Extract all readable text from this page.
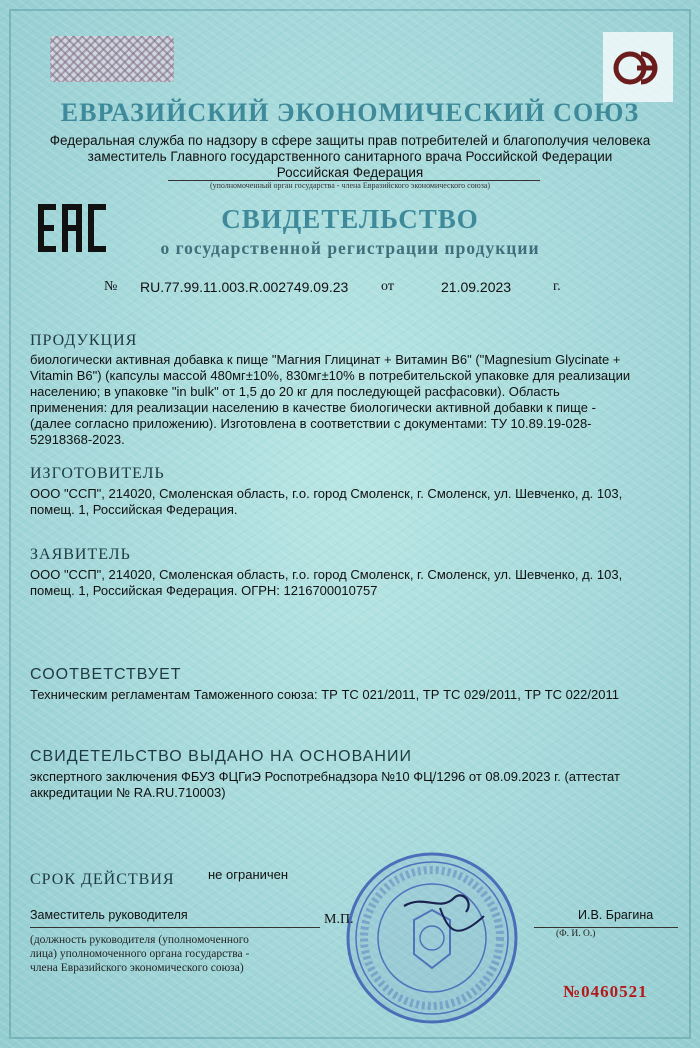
ЕВРАЗИЙСКИЙ ЭКОНОМИЧЕСКИЙ СОЮЗ
Федеральная служба по надзору в сфере защиты прав потребителей и благополучия человека
заместитель Главного государственного санитарного врача Российской Федерации
Российская Федерация
(уполномоченный орган государства - члена Евразийского экономического союза)
СВИДЕТЕЛЬСТВО
о государственной регистрации продукции
№ RU.77.99.11.003.R.002749.09.23 от	21.09.2023	г.
ПРОДУКЦИЯ
биологически активная добавка к пище "Магния Глицинат + Витамин В6" ("Magnesium Glycinate +
Vitamin B6") (капсулы массой 480мг±10%, 830мг±10% в потребительской упаковке для реализации
населению; в упаковке "in bulk" от 1,5 до 20 кг для последующей расфасовки). Область
применения: для реализации населению в качестве биологически активной добавки к пище -
(далее согласно приложению). Изготовлена в соответствии с документами: ТУ 10.89.19-028-
52918368-2023.
ИЗГОТОВИТЕЛЬ
ООО "ССП", 214020, Смоленская область, г.о. город Смоленск, г. Смоленск, ул. Шевченко, д. 103,
помещ. 1, Российская Федерация.
ЗАЯВИТЕЛЬ
ООО "ССП", 214020, Смоленская область, г.о. город Смоленск, г. Смоленск, ул. Шевченко, д. 103,
помещ. 1, Российская Федерация. ОГРН: 1216700010757
СООТВЕТСТВУЕТ
Техническим регламентам Таможенного союза: ТР ТС 021/2011, ТР ТС 029/2011, ТР ТС 022/2011
СВИДЕТЕЛЬСТВО ВЫДАНО НА ОСНОВАНИИ
экспертного заключения ФБУЗ ФЦГиЭ Роспотребнадзора №10 ФЦ/1296 от 08.09.2023 г. (аттестат
аккредитации № RA.RU.710003)
СРОК ДЕЙСТВИЯ	не ограничен
Заместитель руководителя	М.П.	И.В. Брагина
(должность руководителя (уполномоченного
лица) уполномоченного органа государства -
члена Евразийского экономического союза)
(Ф. И. О.)
№0460521
